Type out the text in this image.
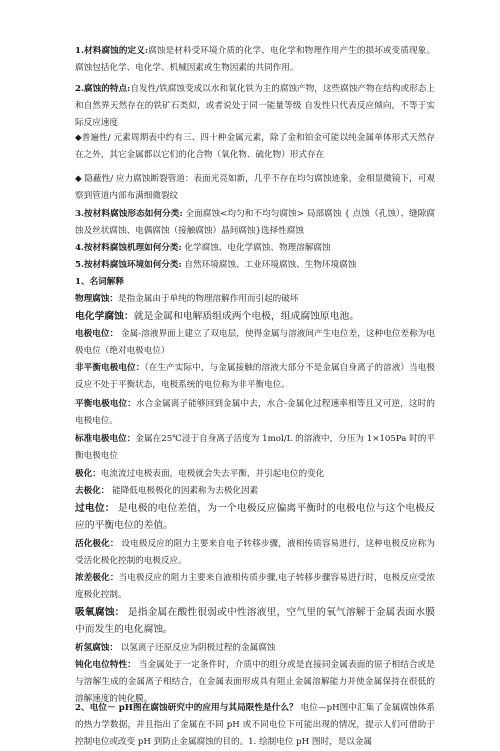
1.材料腐蚀的定义:腐蚀是材料受环境介质的化学、电化学和物理作用产生的损坏或变质现象。腐蚀包括化学、电化学、机械因素或生物因素的共同作用。

2.腐蚀的特点:自发性/铁腐蚀变成以水和氧化铁为主的腐蚀产物，这些腐蚀产物在结构或形态上和自然界天然存在的铁矿石类似，或者说处于同一能量等级 自发性只代表反应倾向，不等于实际反应速度

◆普遍性/ 元素周期表中约有三、四十种金属元素，除了金和铂金可能以纯金属单体形式天然存在之外，其它金属都以它们的化合物（氧化物、硫化物）形式存在

◆ 隐蔽性/ 应力腐蚀断裂管道：表面光亮如新，几乎不存在均匀腐蚀迹象，金相显微镜下，可观察到管道内部布满细微裂纹

3.按材料腐蚀形态如何分类: 全面腐蚀<均匀和不均匀腐蚀> 局部腐蚀 { 点蚀（孔蚀）、缝隙腐蚀及丝状腐蚀、电偶腐蚀（接触腐蚀）晶间腐蚀}选择性腐蚀

4.按材料腐蚀机理如何分类: 化学腐蚀、电化学腐蚀、物理溶解腐蚀

5.按材料腐蚀环境如何分类: 自然环境腐蚀、工业环境腐蚀、生物环境腐蚀

1、名词解释

物理腐蚀：是指金属由于单纯的物理溶解作用而引起的破坏

电化学腐蚀：就是金属和电解质组成两个电极，组成腐蚀原电池。

电极电位： 金属-溶液界面上建立了双电层，使得金属与溶液间产生电位差，这种电位差称为电极电位（绝对电极电位）

非平衡电极电位：（在生产实际中，与金属接触的溶液大部分不是金属自身离子的溶液）当电极反应不处于平衡状态，电极系统的电位称为非平衡电位。

平衡电极电位：水合金属离子能够回到金属中去，水合-金属化过程速率相等且又可逆，这时的电极电位。

标准电极电位：金属在25℃浸于自身离子活度为 1mol/L 的溶液中，分压为 1×105Pa 时的平衡电极电位

极化：电流流过电极表面，电极就会失去平衡，并引起电位的变化

去极化： 能降低电极极化的因素称为去极化因素

过电位： 是电极的电位差值，为一个电极反应偏离平衡时的电极电位与这个电极反应的平衡电位的差值。

活化极化： 设电极反应的阻力主要来自电子转移步骤，液相传质容易进行，这种电极反应称为受活化极化控制的电极反应。

浓差极化：当电极反应的阻力主要来自液相传质步骤,电子转移步骤容易进行时，电极反应受浓度极化控制。

吸氧腐蚀： 是指金属在酸性很弱或中性溶液里，空气里的氧气溶解于金属表面水膜中而发生的电化腐蚀。

析氢腐蚀： 以氢离子还原反应为阴极过程的金属腐蚀

钝化电位特性： 当金属处于一定条件时，介质中的组分或是直接同金属表面的原子相结合或是与溶解生成的金属离子相结合，在金属表面形成具有阻止金属溶解能力并使金属保持在很低的溶解速度的钝化膜。

2、电位－ pH图在腐蚀研究中的应用与其局限性是什么？ 电位—pH图中汇集了金属腐蚀体系的热力学数据，并且指出了金属在不同 pH 或不同电位下可能出现的情况，提示人们可借助于控制电位或改变 pH 到防止金属腐蚀的目的。1. 绘制电位 pH 图时，是以金属
